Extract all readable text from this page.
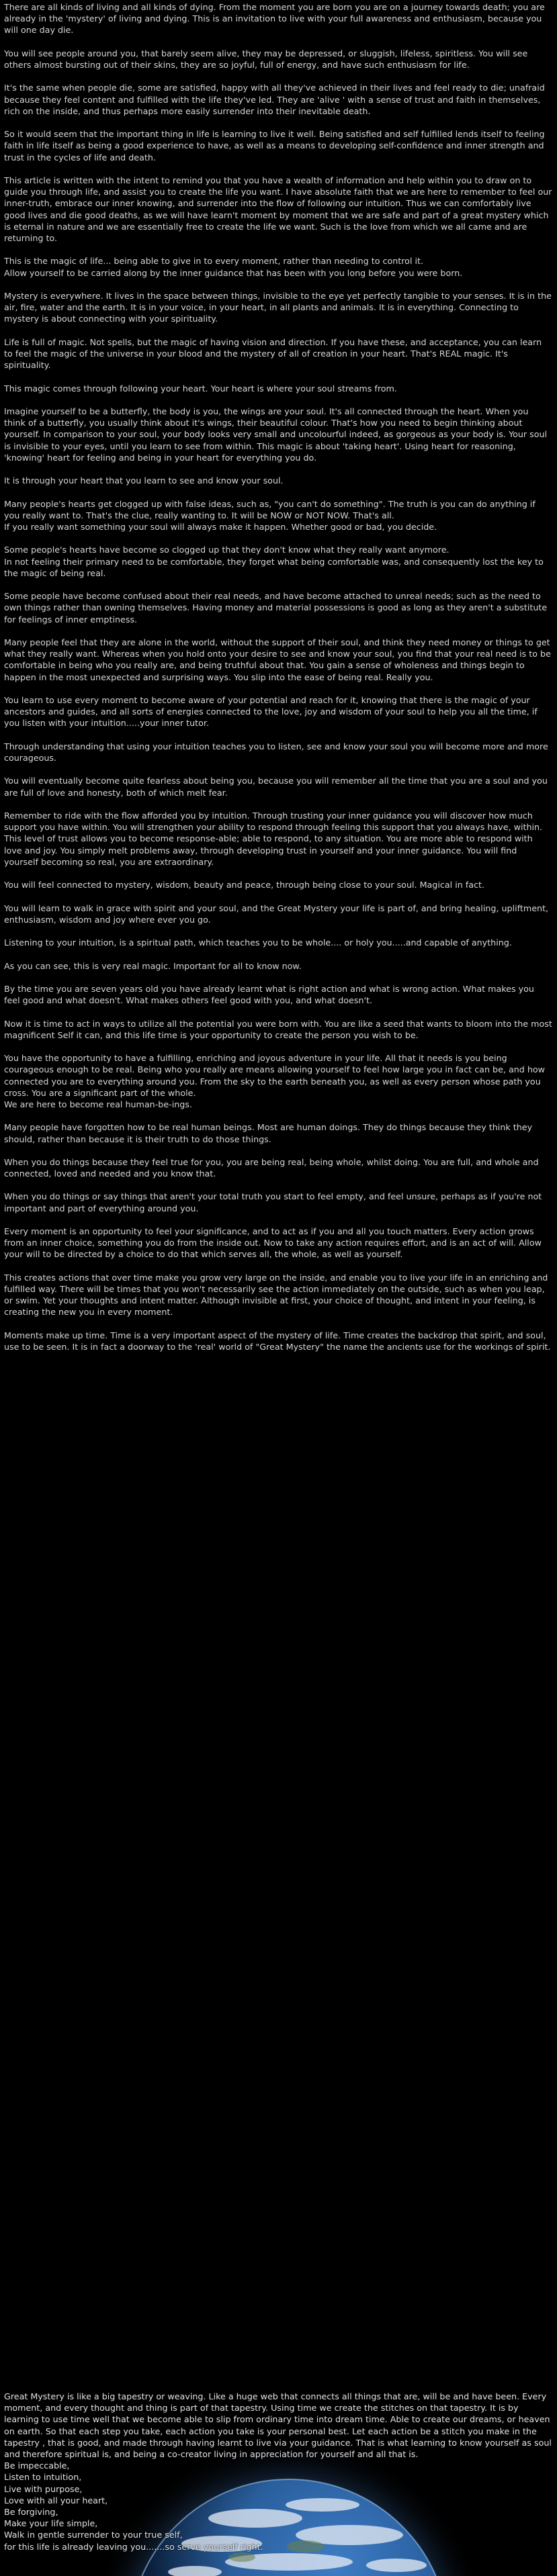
There are all kinds of living and all kinds of dying. From the moment you are born you are on a journey towards death; you are already in the 'mystery' of living and dying. This is an invitation to live with your full awareness and enthusiasm, because you will one day die.

You will see people around you, that barely seem alive, they may be depressed, or sluggish, lifeless, spiritless. You will see others almost bursting out of their skins, they are so joyful, full of energy, and have such enthusiasm for life.

It's the same when people die, some are satisfied, happy with all they've achieved in their lives and feel ready to die; unafraid because they feel content and fulfilled with the life they've led. They are 'alive ' with a sense of trust and faith in themselves, rich on the inside, and thus perhaps more easily surrender into their inevitable death.

So it would seem that the important thing in life is learning to live it well. Being satisfied and self fulfilled lends itself to feeling faith in life itself as being a good experience to have, as well as a means to developing self-confidence and inner strength and trust in the cycles of life and death.

This article is written with the intent to remind you that you have a wealth of information and help within you to draw on to guide you through life, and assist you to create the life you want. I have absolute faith that we are here to remember to feel our inner-truth, embrace our inner knowing, and surrender into the flow of following our intuition. Thus we can comfortably live good lives and die good deaths, as we will have learn't moment by moment that we are safe and part of a great mystery which is eternal in nature and we are essentially free to create the life we want. Such is the love from which we all came and are returning to.

This is the magic of life... being able to give in to every moment, rather than needing to control it.
Allow yourself to be carried along by the inner guidance that has been with you long before you were born.

Mystery is everywhere. It lives in the space between things, invisible to the eye yet perfectly tangible to your senses. It is in the air, fire, water and the earth. It is in your voice, in your heart, in all plants and animals. It is in everything. Connecting to mystery is about connecting with your spirituality.

Life is full of magic. Not spells, but the magic of having vision and direction. If you have these, and acceptance, you can learn to feel the magic of the universe in your blood and the mystery of all of creation in your heart. That's REAL magic. It's spirituality.

This magic comes through following your heart. Your heart is where your soul streams from.

Imagine yourself to be a butterfly, the body is you, the wings are your soul. It's all connected through the heart. When you think of a butterfly, you usually think about it's wings, their beautiful colour. That's how you need to begin thinking about yourself. In comparison to your soul, your body looks very small and uncolourful indeed, as gorgeous as your body is. Your soul is invisible to your eyes, until you learn to see from within. This magic is about 'taking heart'. Using heart for reasoning, 'knowing' heart for feeling and being in your heart for everything you do.

It is through your heart that you learn to see and know your soul.

Many people's hearts get clogged up with false ideas, such as, "you can't do something". The truth is you can do anything if you really want to. That's the clue, really wanting to. It will be NOW or NOT NOW. That's all.
If you really want something your soul will always make it happen. Whether good or bad, you decide.

Some people's hearts have become so clogged up that they don't know what they really want anymore.
In not feeling their primary need to be comfortable, they forget what being comfortable was, and consequently lost the key to the magic of being real.

Some people have become confused about their real needs, and have become attached to unreal needs; such as the need to own things rather than owning themselves. Having money and material possessions is good as long as they aren't a substitute for feelings of inner emptiness.

Many people feel that they are alone in the world, without the support of their soul, and think they need money or things to get what they really want. Whereas when you hold onto your desire to see and know your soul, you find that your real need is to be comfortable in being who you really are, and being truthful about that. You gain a sense of wholeness and things begin to happen in the most unexpected and surprising ways. You slip into the ease of being real. Really you.

You learn to use every moment to become aware of your potential and reach for it, knowing that there is the magic of your ancestors and guides, and all sorts of energies connected to the love, joy and wisdom of your soul to help you all the time, if you listen with your intuition.....your inner tutor.

Through understanding that using your intuition teaches you to listen, see and know your soul you will become more and more courageous.

You will eventually become quite fearless about being you, because you will remember all the time that you are a soul and you are full of love and honesty, both of which melt fear.

Remember to ride with the flow afforded you by intuition. Through trusting your inner guidance you will discover how much support you have within. You will strengthen your ability to respond through feeling this support that you always have, within. This level of trust allows you to become response-able; able to respond, to any situation. You are more able to respond with love and joy. You simply melt problems away, through developing trust in yourself and your inner guidance. You will find yourself becoming so real, you are extraordinary.

You will feel connected to mystery, wisdom, beauty and peace, through being close to your soul. Magical in fact.

You will learn to walk in grace with spirit and your soul, and the Great Mystery your life is part of, and bring healing, upliftment, enthusiasm, wisdom and joy where ever you go.

Listening to your intuition, is a spiritual path, which teaches you to be whole.... or holy you.....and capable of anything.

As you can see, this is very real magic. Important for all to know now.

By the time you are seven years old you have already learnt what is right action and what is wrong action. What makes you feel good and what doesn't. What makes others feel good with you, and what doesn't.

Now it is time to act in ways to utilize all the potential you were born with. You are like a seed that wants to bloom into the most magnificent Self it can, and this life time is your opportunity to create the person you wish to be.

You have the opportunity to have a fulfilling, enriching and joyous adventure in your life. All that it needs is you being courageous enough to be real. Being who you really are means allowing yourself to feel how large you in fact can be, and how connected you are to everything around you. From the sky to the earth beneath you, as well as every person whose path you cross. You are a significant part of the whole.
We are here to become real human-be-ings.

Many people have forgotten how to be real human beings. Most are human doings. They do things because they think they should, rather than because it is their truth to do those things.

When you do things because they feel true for you, you are being real, being whole, whilst doing. You are full, and whole and connected, loved and needed and you know that.

When you do things or say things that aren't your total truth you start to feel empty, and feel unsure, perhaps as if you're not important and part of everything around you.

Every moment is an opportunity to feel your significance, and to act as if you and all you touch matters. Every action grows from an inner choice, something you do from the inside out. Now to take any action requires effort, and is an act of will. Allow your will to be directed by a choice to do that which serves all, the whole, as well as yourself.

This creates actions that over time make you grow very large on the inside, and enable you to live your life in an enriching and fulfilled way. There will be times that you won't necessarily see the action immediately on the outside, such as when you leap, or swim. Yet your thoughts and intent matter. Although invisible at first, your choice of thought, and intent in your feeling, is creating the new you in every moment.

Moments make up time. Time is a very important aspect of the mystery of life. Time creates the backdrop that spirit, and soul, use to be seen. It is in fact a doorway to the 'real' world of "Great Mystery" the name the ancients use for the workings of spirit.

Great Mystery is like a big tapestry or weaving. Like a huge web that connects all things that are, will be and have been. Every moment, and every thought and thing is part of that tapestry. Using time we create the stitches on that tapestry. It is by learning to use time well that we become able to slip from ordinary time into dream time. Able to create our dreams, or heaven on earth. So that each step you take, each action you take is your personal best. Let each action be a stitch you make in the tapestry , that is good, and made through having learnt to live via your guidance. That is what learning to know yourself as soul and therefore spiritual is, and being a co-creator living in appreciation for yourself and all that is.
Be impeccable,
Listen to intuition,
Live with purpose,
Love with all your heart,
Be forgiving,
Make your life simple,
Walk in gentle surrender to your true self,
for this life is already leaving you.......so serve yourself right.
